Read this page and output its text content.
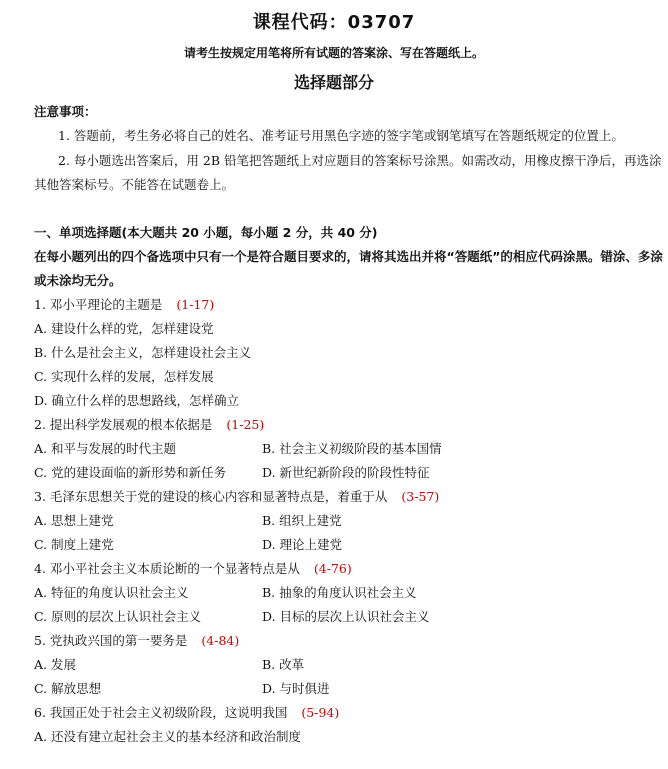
课程代码：03707
请考生按规定用笔将所有试题的答案涂、写在答题纸上。
选择题部分
注意事项：
1. 答题前，考生务必将自己的姓名、准考证号用黑色字迹的签字笔或钢笔填写在答题纸规定的位置上。
2. 每小题选出答案后，用 2B 铅笔把答题纸上对应题目的答案标号涂黑。如需改动，用橡皮擦干净后，再选涂
其他答案标号。不能答在试题卷上。
一、单项选择题(本大题共 20 小题，每小题 2 分，共 40 分)
在每小题列出的四个备选项中只有一个是符合题目要求的，请将其选出并将“答题纸”的相应代码涂黑。错涂、多涂
或未涂均无分。
1. 邓小平理论的主题是 (1-17)
A. 建设什么样的党，怎样建设党
B. 什么是社会主义，怎样建设社会主义
C. 实现什么样的发展，怎样发展
D. 确立什么样的思想路线，怎样确立
2. 提出科学发展观的根本依据是 (1-25)
A. 和平与发展的时代主题	B. 社会主义初级阶段的基本国情
C. 党的建设面临的新形势和新任务	D. 新世纪新阶段的阶段性特征
3. 毛泽东思想关于党的建设的核心内容和显著特点是，着重于从 (3-57)
A. 思想上建党	B. 组织上建党
C. 制度上建党	D. 理论上建党
4. 邓小平社会主义本质论断的一个显著特点是从 (4-76)
A. 特征的角度认识社会主义	B. 抽象的角度认识社会主义
C. 原则的层次上认识社会主义	D. 目标的层次上认识社会主义
5. 党执政兴国的第一要务是 (4-84)
A. 发展	B. 改革
C. 解放思想	D. 与时俱进
6. 我国正处于社会主义初级阶段，这说明我国 (5-94)
A. 还没有建立起社会主义的基本经济和政治制度
